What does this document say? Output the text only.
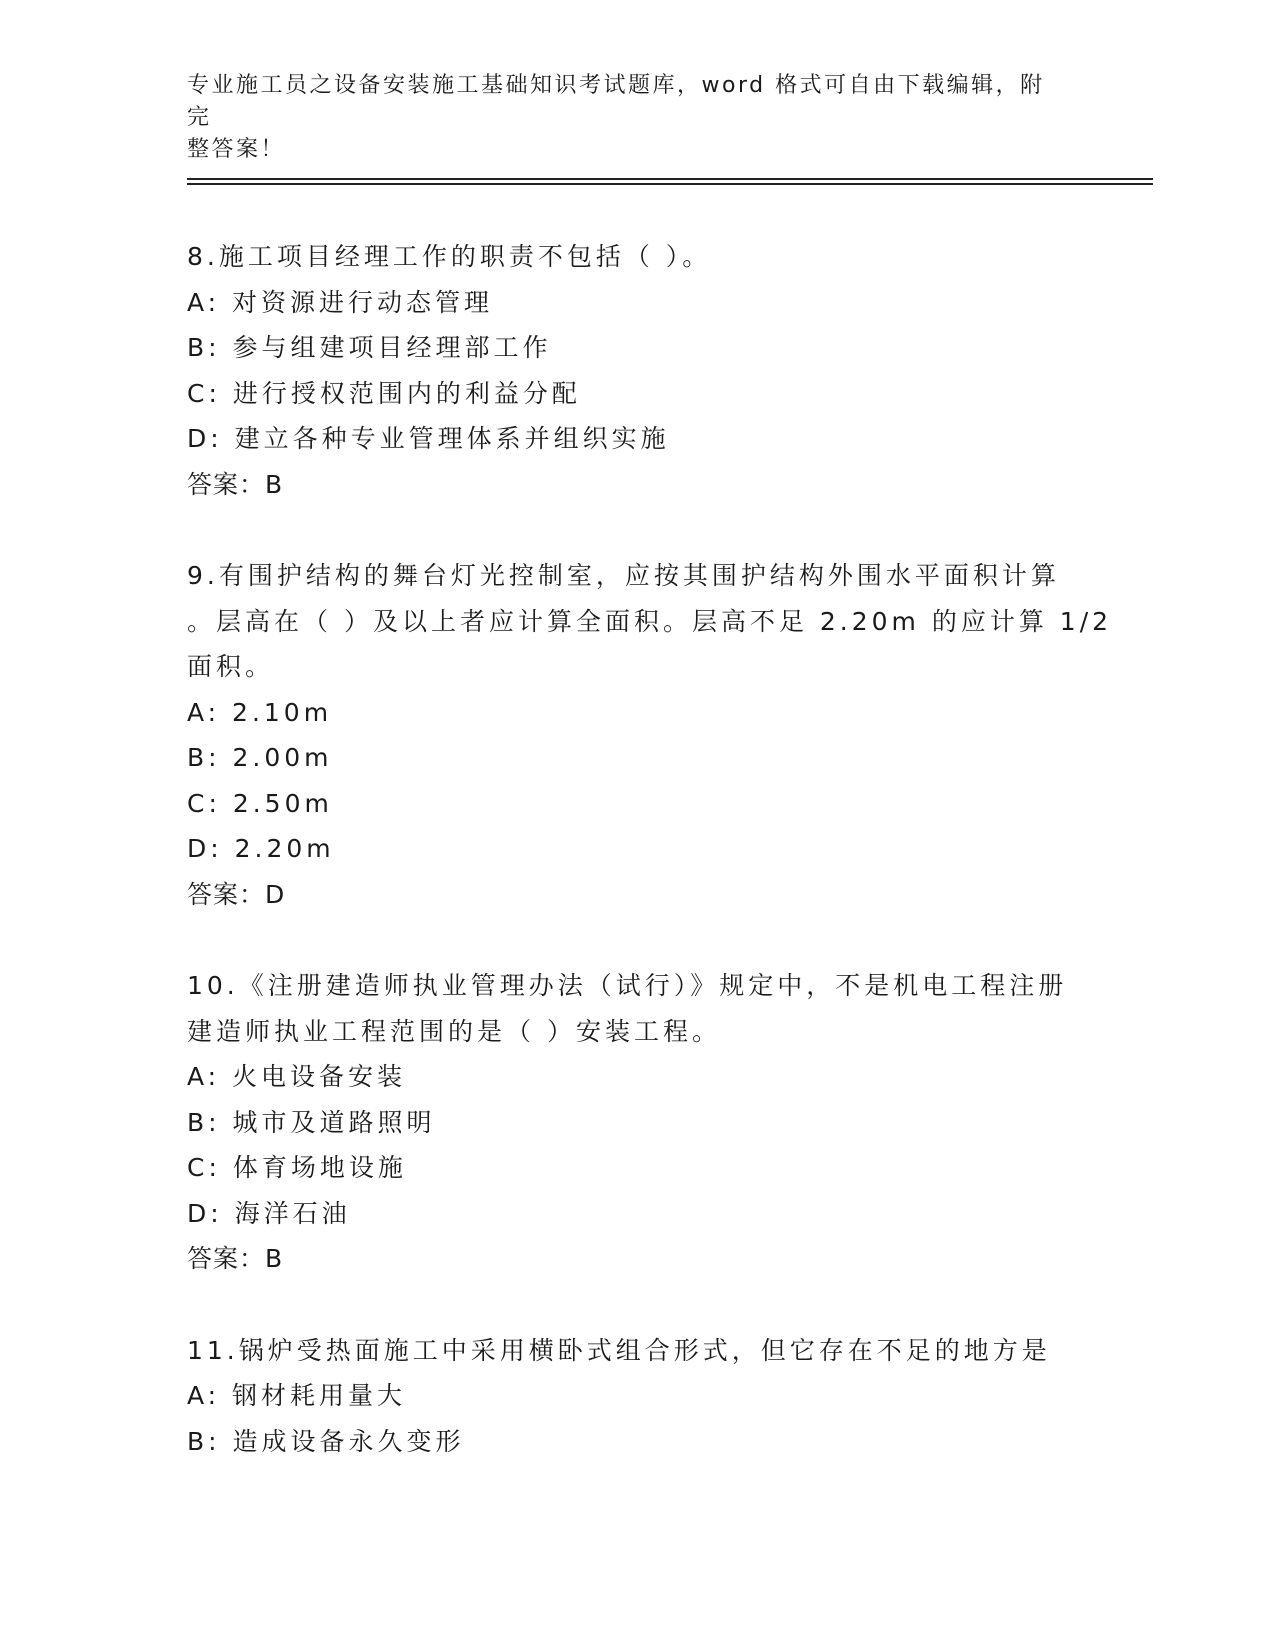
专业施工员之设备安装施工基础知识考试题库，word 格式可自由下载编辑，附完
整答案！
8.施工项目经理工作的职责不包括（ ）。
A: 对资源进行动态管理
B: 参与组建项目经理部工作
C: 进行授权范围内的利益分配
D: 建立各种专业管理体系并组织实施
答案：B
9.有围护结构的舞台灯光控制室，应按其围护结构外围水平面积计算
。层高在（ ）及以上者应计算全面积。层高不足 2.20m 的应计算 1/2
面积。
A: 2.10m
B: 2.00m
C: 2.50m
D: 2.20m
答案：D
10.《注册建造师执业管理办法（试行）》规定中，不是机电工程注册
建造师执业工程范围的是（ ）安装工程。
A: 火电设备安装
B: 城市及道路照明
C: 体育场地设施
D: 海洋石油
答案：B
11.锅炉受热面施工中采用横卧式组合形式，但它存在不足的地方是
A: 钢材耗用量大
B: 造成设备永久变形
